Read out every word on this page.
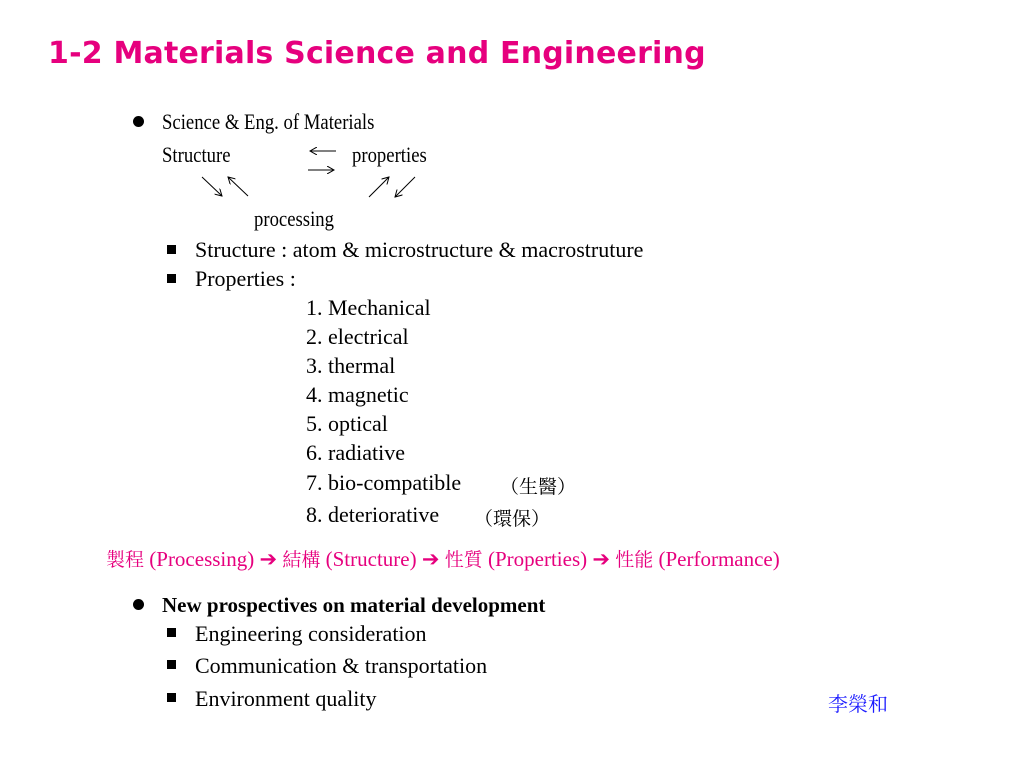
1-2 Materials Science and Engineering
Science & Eng. of Materials
Structure	properties
processing
Structure : atom & microstructure & macrostruture
Properties :
1. Mechanical
2. electrical
3. thermal
4. magnetic
5. optical
6. radiative
7. bio-compatible （生醫）
8. deteriorative （環保）
製程 (Processing) ➔ 結構 (Structure) ➔ 性質 (Properties) ➔ 性能 (Performance)
New prospectives on material development
Engineering consideration
Communication & transportation
Environment quality	李榮和
